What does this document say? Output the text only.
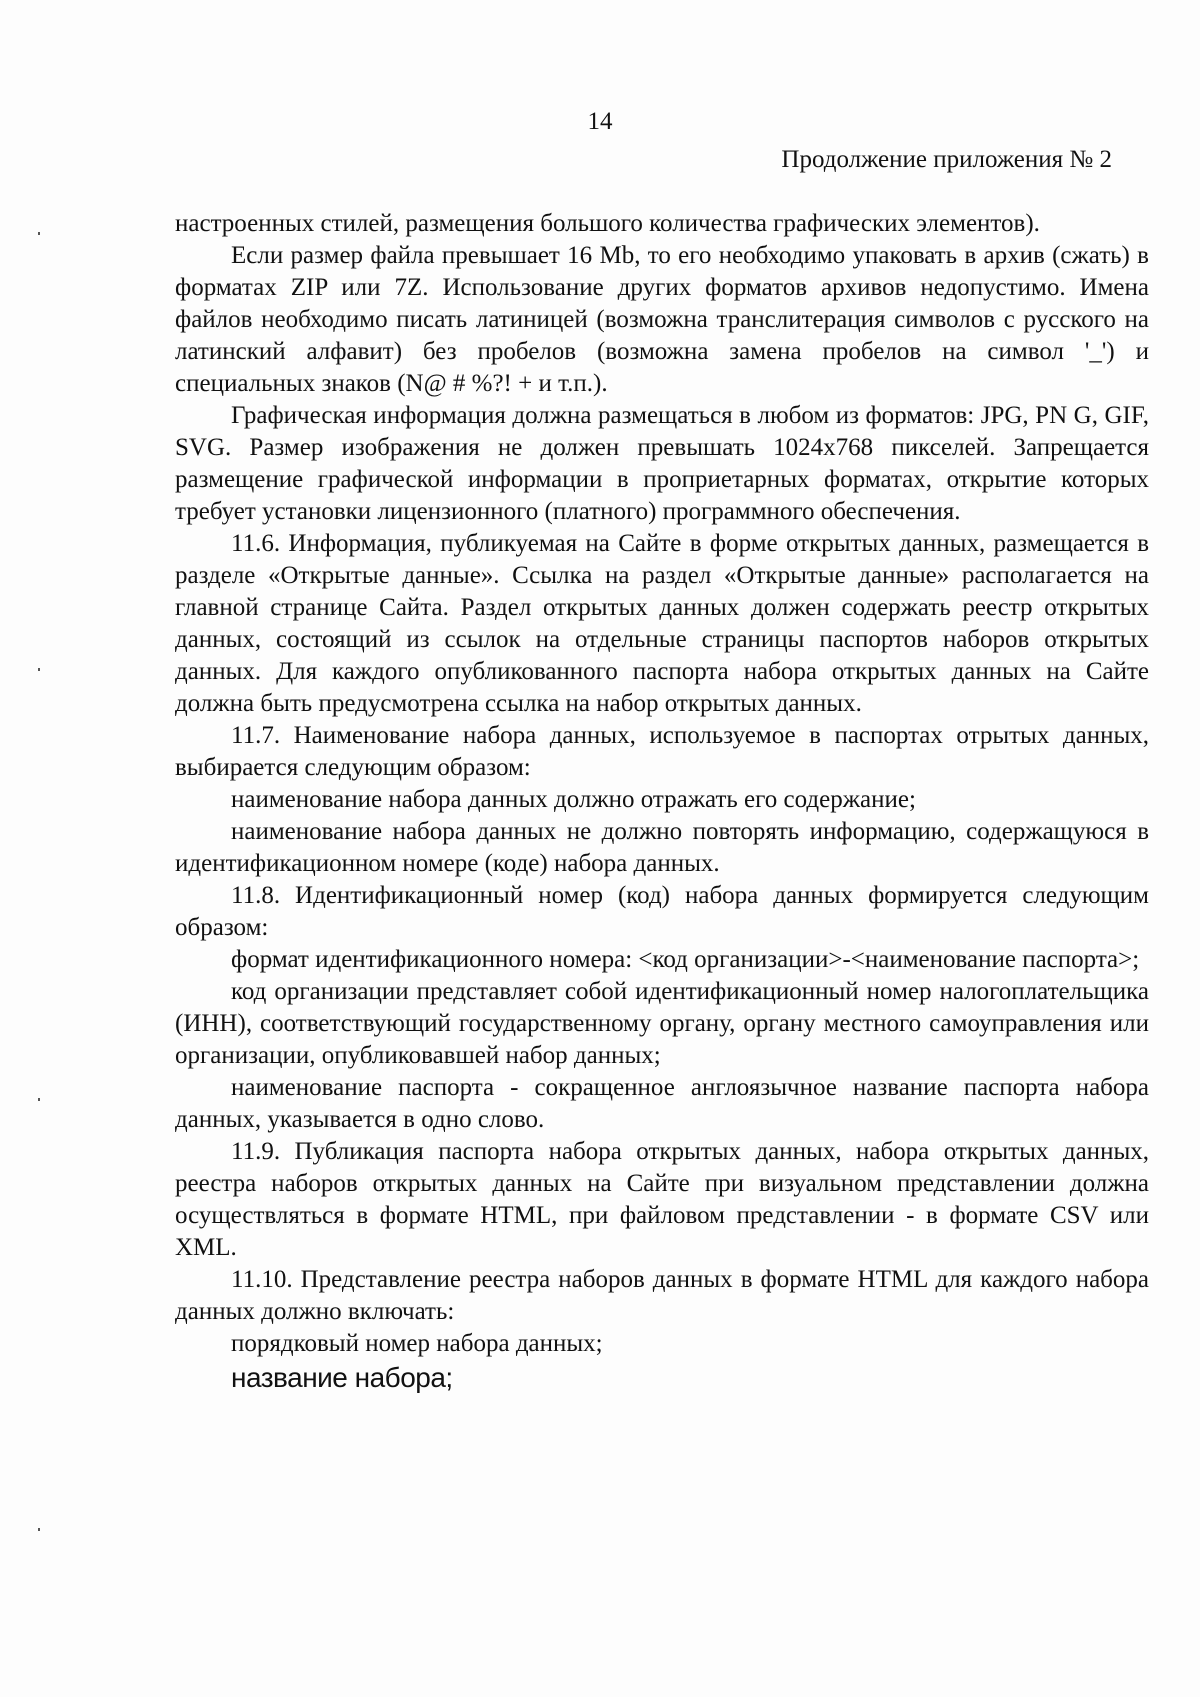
14
Продолжение приложения № 2

настроенных стилей, размещения большого количества графических элементов).

Если размер файла превышает 16 Mb, то его необходимо упаковать в архив (сжать) в форматах ZIP или 7Z. Использование других форматов архивов недопустимо. Имена файлов необходимо писать латиницей (возможна транслитерация символов с русского на латинский алфавит) без пробелов (возможна замена пробелов на символ '_') и специальных знаков (N@ # %?! + и т.п.).

Графическая информация должна размещаться в любом из форматов: JPG, PN G, GIF, SVG. Размер изображения не должен превышать 1024x768 пикселей. Запрещается размещение графической информации в проприетарных форматах, открытие которых требует установки лицензионного (платного) программного обеспечения.

11.6. Информация, публикуемая на Сайте в форме открытых данных, размещается в разделе «Открытые данные». Ссылка на раздел «Открытые данные» располагается на главной странице Сайта. Раздел открытых данных должен содержать реестр открытых данных, состоящий из ссылок на отдельные страницы паспортов наборов открытых данных. Для каждого опубликованного паспорта набора открытых данных на Сайте должна быть предусмотрена ссылка на набор открытых данных.

11.7. Наименование набора данных, используемое в паспортах отрытых данных, выбирается следующим образом:

наименование набора данных должно отражать его содержание;

наименование набора данных не должно повторять информацию, содержащуюся в идентификационном номере (коде) набора данных.

11.8. Идентификационный номер (код) набора данных формируется следующим образом:

формат идентификационного номера: <код организации>-<наименование паспорта>;

код организации представляет собой идентификационный номер налогоплательщика (ИНН), соответствующий государственному органу, органу местного самоуправления или организации, опубликовавшей набор данных;

наименование паспорта - сокращенное англоязычное название паспорта набора данных, указывается в одно слово.

11.9. Публикация паспорта набора открытых данных, набора открытых данных, реестра наборов открытых данных на Сайте при визуальном представлении должна осуществляться в формате HTML, при файловом представлении - в формате CSV или XML.

11.10. Представление реестра наборов данных в формате HTML для каждого набора данных должно включать:

порядковый номер набора данных;

название набора;
